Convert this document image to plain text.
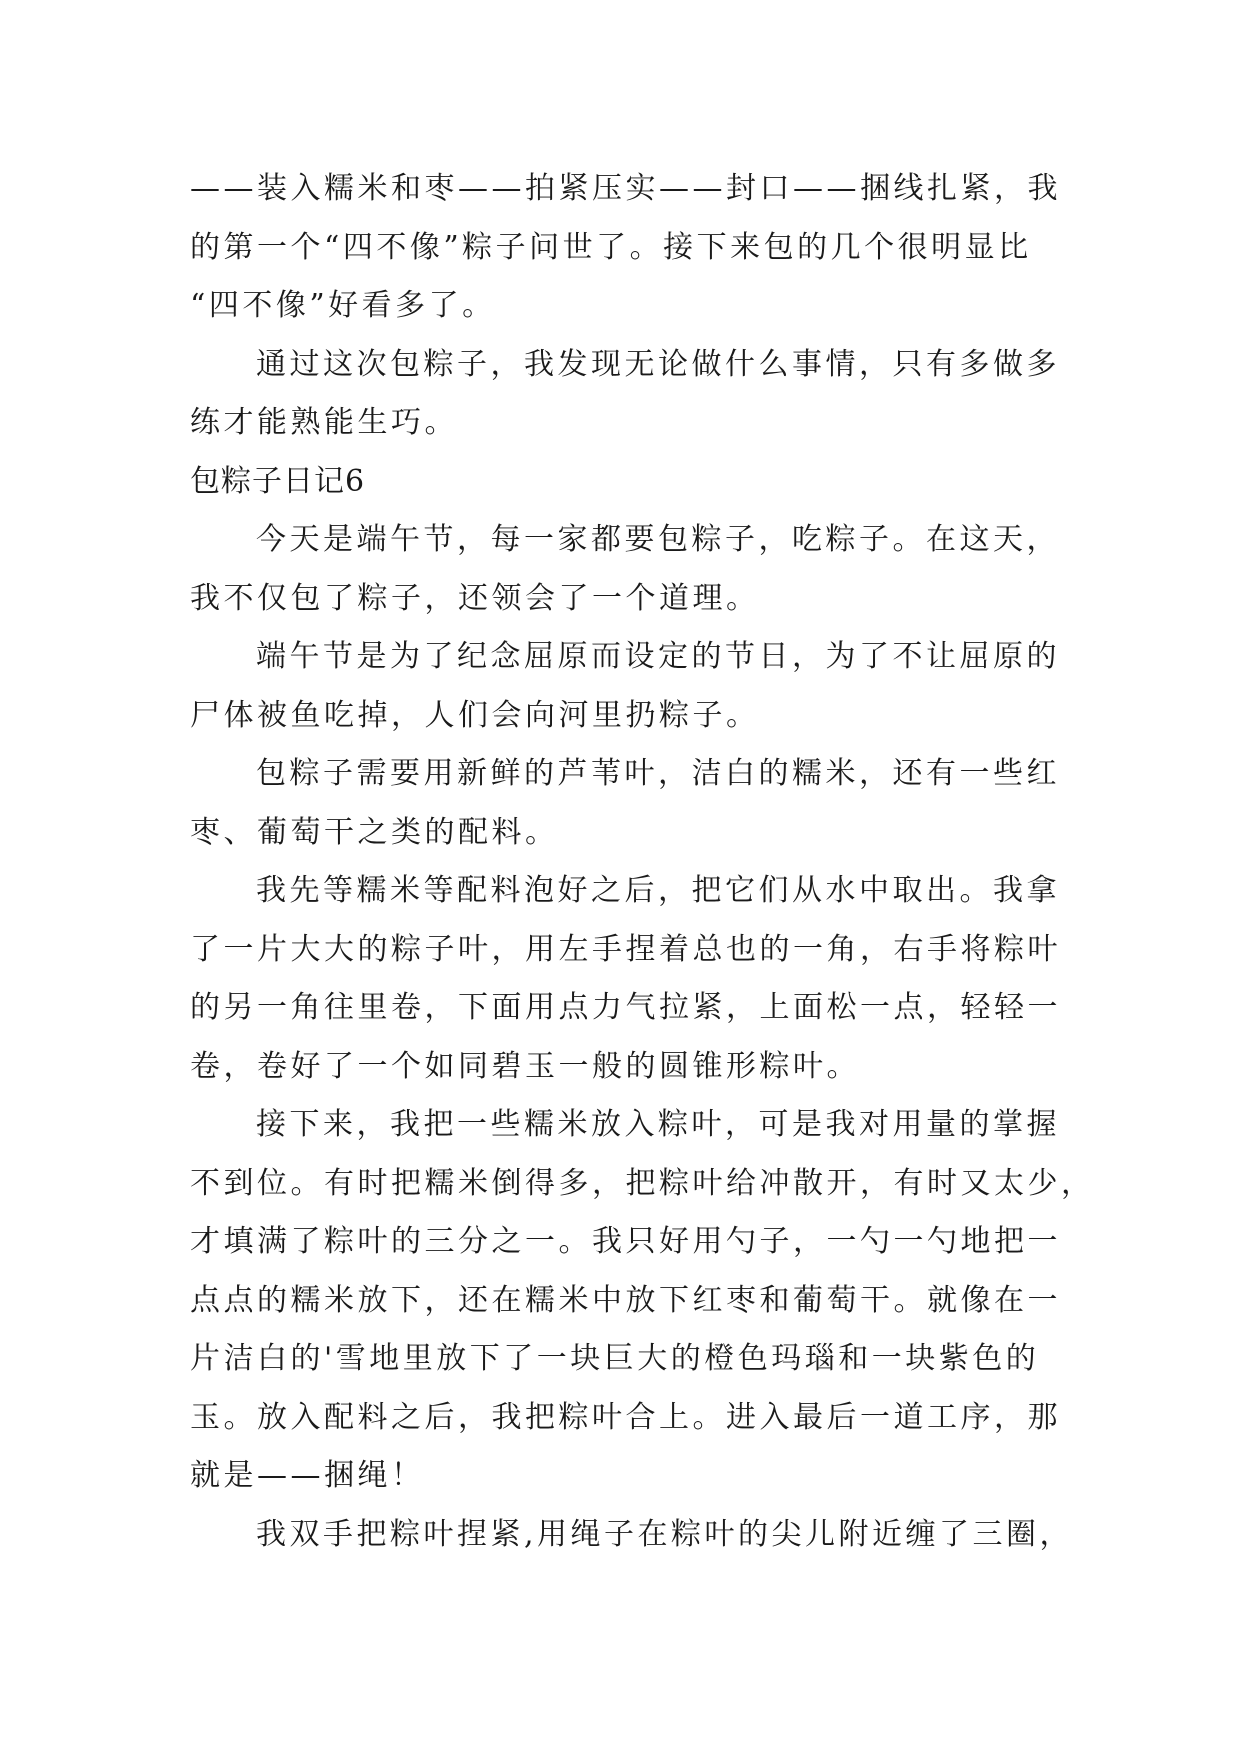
——装入糯米和枣——拍紧压实——封口——捆线扎紧，我
的第一个“四不像”粽子问世了。接下来包的几个很明显比
“四不像”好看多了。
通过这次包粽子，我发现无论做什么事情，只有多做多
练才能熟能生巧。
包粽子日记6
今天是端午节，每一家都要包粽子，吃粽子。在这天，
我不仅包了粽子，还领会了一个道理。
端午节是为了纪念屈原而设定的节日，为了不让屈原的
尸体被鱼吃掉，人们会向河里扔粽子。
包粽子需要用新鲜的芦苇叶，洁白的糯米，还有一些红
枣、葡萄干之类的配料。
我先等糯米等配料泡好之后，把它们从水中取出。我拿
了一片大大的粽子叶，用左手捏着总也的一角，右手将粽叶
的另一角往里卷，下面用点力气拉紧，上面松一点，轻轻一
卷，卷好了一个如同碧玉一般的圆锥形粽叶。
接下来，我把一些糯米放入粽叶，可是我对用量的掌握
不到位。有时把糯米倒得多，把粽叶给冲散开，有时又太少，
才填满了粽叶的三分之一。我只好用勺子，一勺一勺地把一
点点的糯米放下，还在糯米中放下红枣和葡萄干。就像在一
片洁白的'雪地里放下了一块巨大的橙色玛瑙和一块紫色的
玉。放入配料之后，我把粽叶合上。进入最后一道工序，那
就是——捆绳！
我双手把粽叶捏紧,用绳子在粽叶的尖儿附近缠了三圈，
